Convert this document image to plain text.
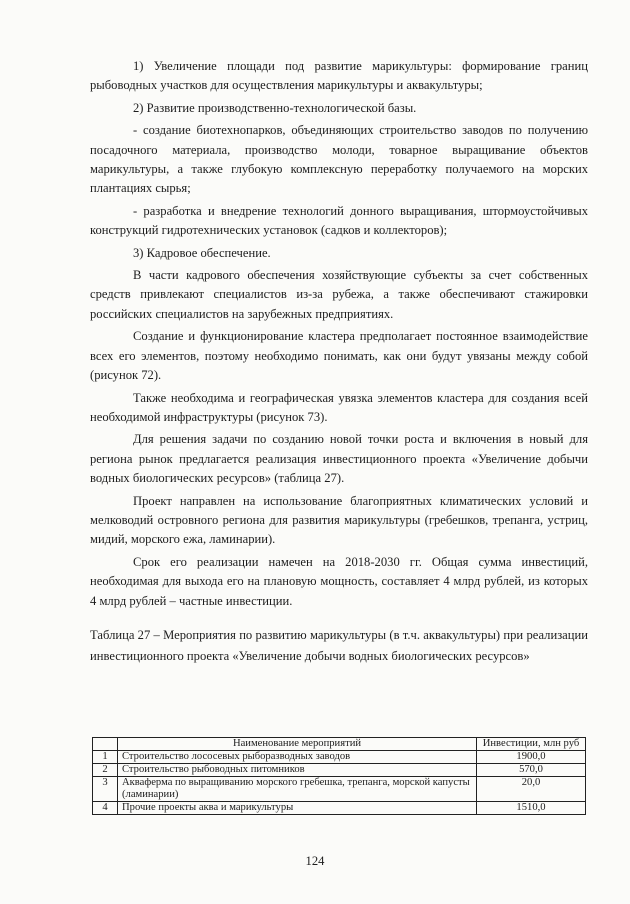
1) Увеличение площади под развитие марикультуры: формирование границ рыбоводных участков для осуществления марикультуры и аквакультуры;

2) Развитие производственно-технологической базы.

- создание биотехнопарков, объединяющих строительство заводов по получению посадочного материала, производство молоди, товарное выращивание объектов марикультуры, а также глубокую комплексную переработку получаемого на морских плантациях сырья;

- разработка и внедрение технологий донного выращивания, штормоустойчивых конструкций гидротехнических установок (садков и коллекторов);

3) Кадровое обеспечение.

В части кадрового обеспечения хозяйствующие субъекты за счет собственных средств привлекают специалистов из-за рубежа, а также обеспечивают стажировки российских специалистов на зарубежных предприятиях.

Создание и функционирование кластера предполагает постоянное взаимодействие всех его элементов, поэтому необходимо понимать, как они будут увязаны между собой (рисунок 72).

Также необходима и географическая увязка элементов кластера для создания всей необходимой инфраструктуры (рисунок 73).

Для решения задачи по созданию новой точки роста и включения в новый для региона рынок предлагается реализация инвестиционного проекта «Увеличение добычи водных биологических ресурсов» (таблица 27).

Проект направлен на использование благоприятных климатических условий и мелководий островного региона для развития марикультуры (гребешков, трепанга, устриц, мидий, морского ежа, ламинарии).

Срок его реализации намечен на 2018-2030 гг. Общая сумма инвестиций, необходимая для выхода его на плановую мощность, составляет 4 млрд рублей, из которых 4 млрд рублей – частные инвестиции.

Таблица 27 – Мероприятия по развитию марикультуры (в т.ч. аквакультуры) при реализации инвестиционного проекта «Увеличение добычи водных биологических ресурсов»

	Наименование мероприятий	Инвестиции, млн руб
1	Строительство лососевых рыборазводных заводов	1900,0
2	Строительство рыбоводных питомников	570,0
3	Акваферма по выращиванию морского гребешка, трепанга, морской капусты (ламинарии)	20,0
4	Прочие проекты аква и марикультуры	1510,0
124
